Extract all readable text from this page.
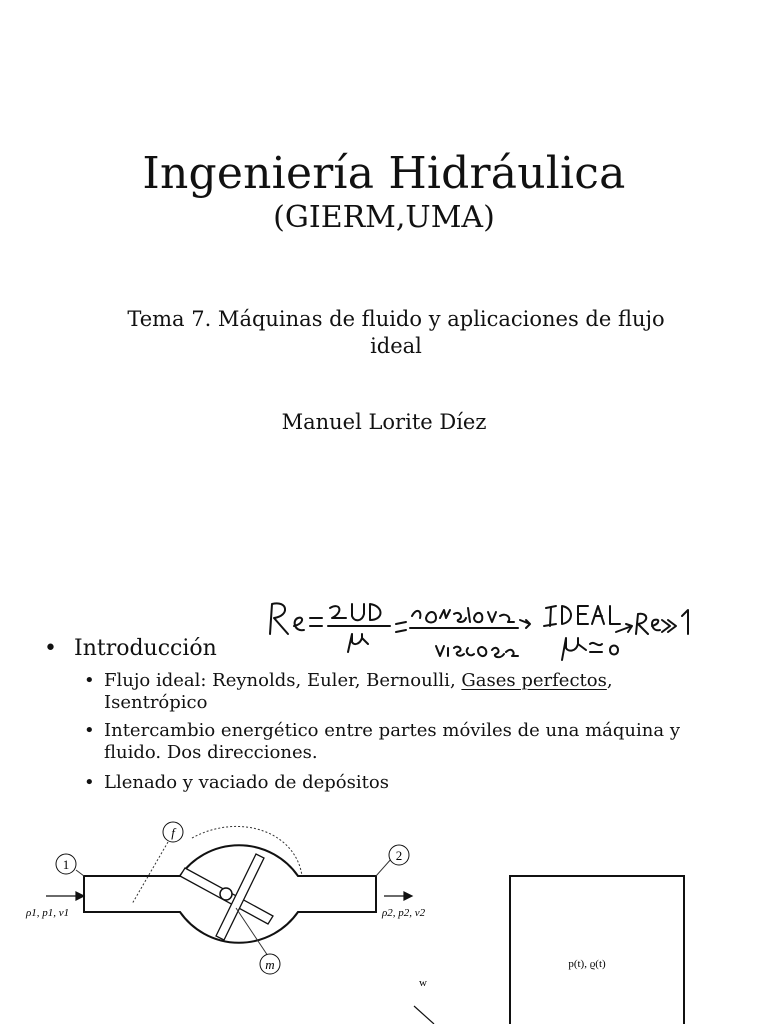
Ingeniería Hidráulica
(GIERM,UMA)
Tema 7. Máquinas de fluido y aplicaciones de flujo
ideal
Manuel Lorite Díez
• Introducción
• Flujo ideal: Reynolds, Euler, Bernoulli, Gases perfectos,
Isentrópico
• Intercambio energético entre partes móviles de una máquina y
fluido. Dos direcciones.
• Llenado y vaciado de depósitos
1
2
f
m
ρ1, p1, v1	ρ2, p2, v2
p(t), ϱ(t)
w
